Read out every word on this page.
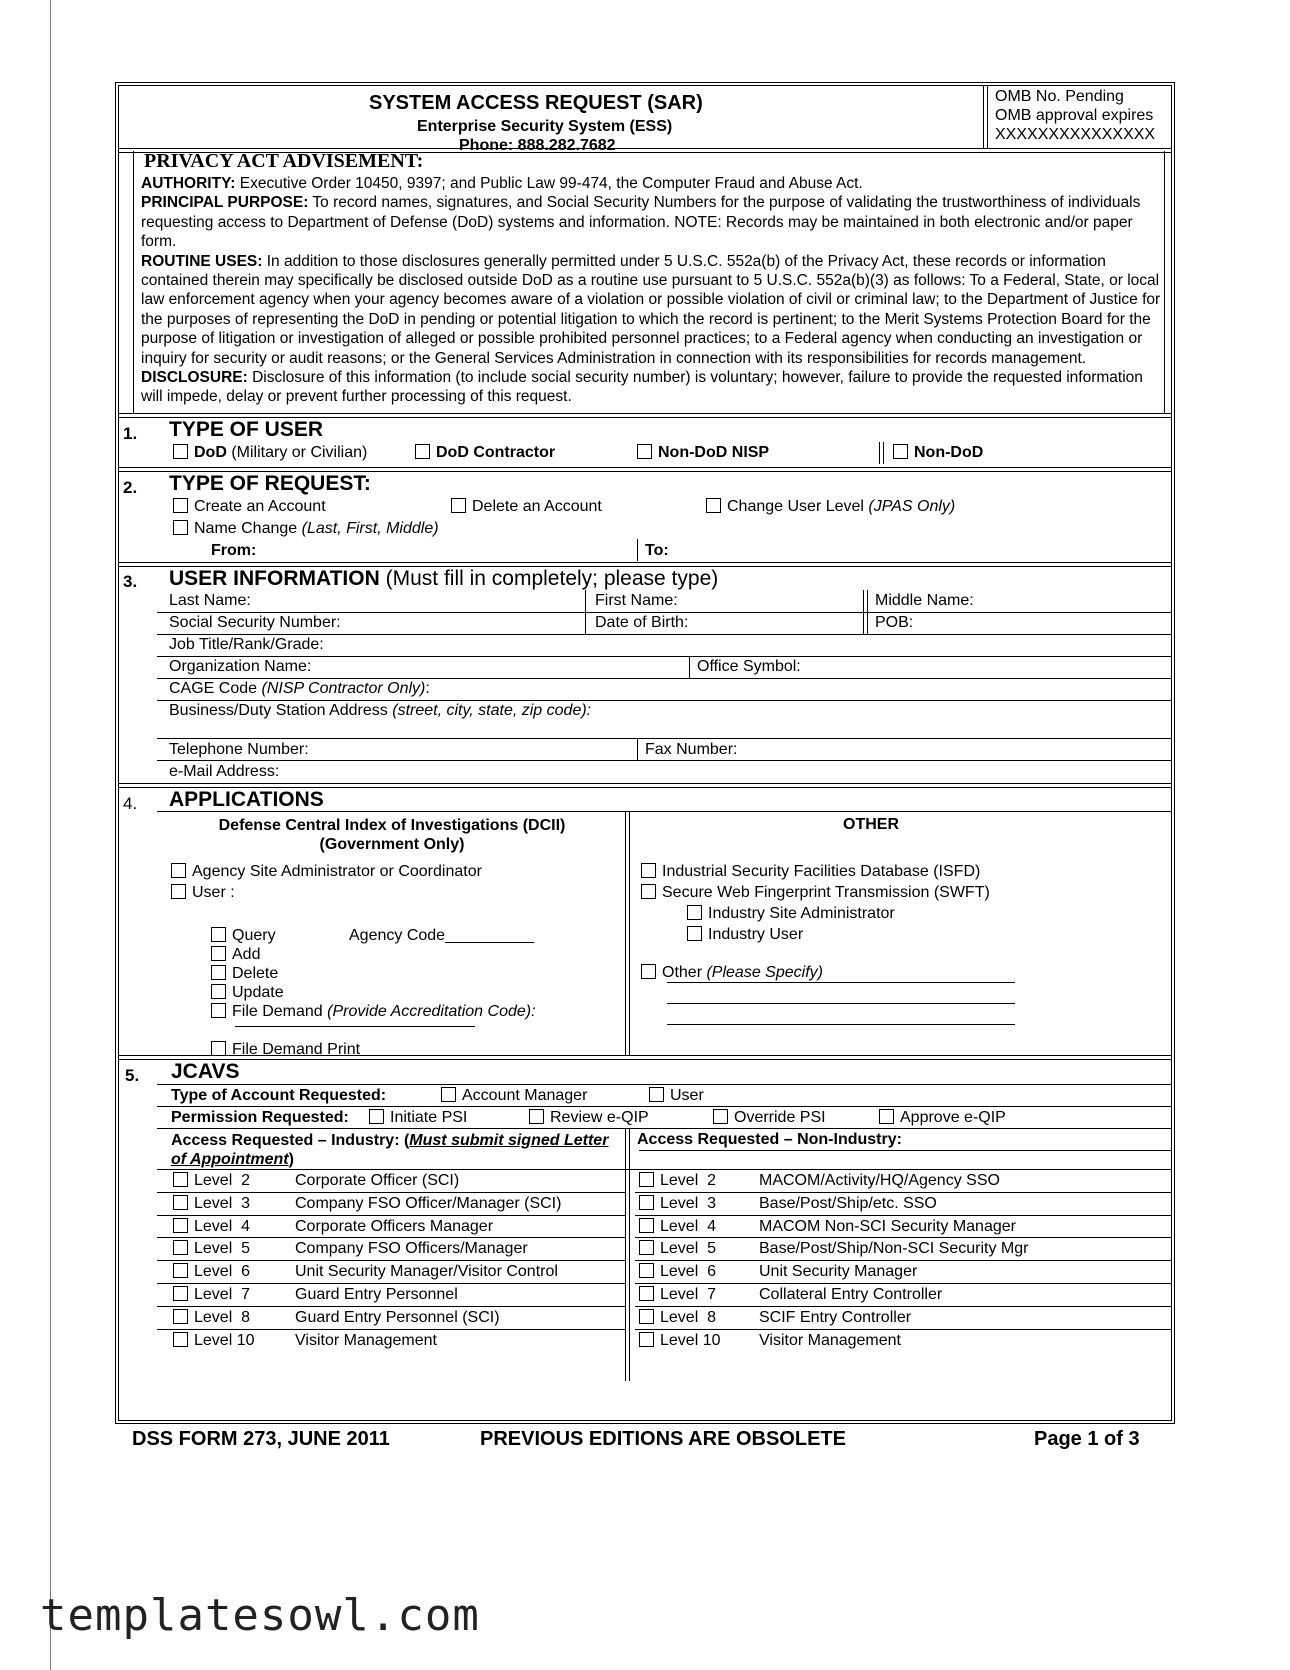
SYSTEM ACCESS REQUEST (SAR)
Enterprise Security System (ESS)
Phone: 888.282.7682
OMB No. Pending
OMB approval expires
XXXXXXXXXXXXXXX
PRIVACY ACT ADVISEMENT:

AUTHORITY: Executive Order 10450, 9397; and Public Law 99-474, the Computer Fraud and Abuse Act.

PRINCIPAL PURPOSE: To record names, signatures, and Social Security Numbers for the purpose of validating the trustworthiness of individuals requesting access to Department of Defense (DoD) systems and information. NOTE: Records may be maintained in both electronic and/or paper form.

ROUTINE USES: In addition to those disclosures generally permitted under 5 U.S.C. 552a(b) of the Privacy Act, these records or information contained therein may specifically be disclosed outside DoD as a routine use pursuant to 5 U.S.C. 552a(b)(3) as follows: To a Federal, State, or local law enforcement agency when your agency becomes aware of a violation or possible violation of civil or criminal law; to the Department of Justice for the purposes of representing the DoD in pending or potential litigation to which the record is pertinent; to the Merit Systems Protection Board for the purpose of litigation or investigation of alleged or possible prohibited personnel practices; to a Federal agency when conducting an investigation or inquiry for security or audit reasons; or the General Services Administration in connection with its responsibilities for records management.

DISCLOSURE: Disclosure of this information (to include social security number) is voluntary; however, failure to provide the requested information will impede, delay or prevent further processing of this request.

1. TYPE OF USER
DoD (Military or Civilian)	DoD Contractor	Non-DoD NISP	Non-DoD
2. TYPE OF REQUEST:
Create an Account	Delete an Account	Change User Level (JPAS Only)
Name Change (Last, First, Middle)
From:	To:
3. USER INFORMATION (Must fill in completely; please type)
Last Name:	First Name:	Middle Name:
Social Security Number:	Date of Birth:	POB:
Job Title/Rank/Grade:
Organization Name:	Office Symbol:
CAGE Code (NISP Contractor Only):
Business/Duty Station Address (street, city, state, zip code):
Telephone Number:	Fax Number:
e-Mail Address:
4. APPLICATIONS
Defense Central Index of Investigations (DCII)
(Government Only)
OTHER
Agency Site Administrator or Coordinator
User :
Query	Agency Code__________
Add
Delete
Update
File Demand (Provide Accreditation Code):
File Demand Print
Industrial Security Facilities Database (ISFD)
Secure Web Fingerprint Transmission (SWFT)
Industry Site Administrator
Industry User
Other (Please Specify)
5. JCAVS
Type of Account Requested:	Account Manager	User
Permission Requested:	Initiate PSI	Review e-QIP	Override PSI	Approve e-QIP
Access Requested – Industry: (Must submit signed Letter of Appointment)
Access Requested – Non-Industry:
Level  2	Corporate Officer (SCI)
Level  3	Company FSO Officer/Manager (SCI)
Level  4	Corporate Officers Manager
Level  5	Company FSO Officers/Manager
Level  6	Unit Security Manager/Visitor Control
Level  7	Guard Entry Personnel
Level  8	Guard Entry Personnel (SCI)
Level 10	Visitor Management
Level  2	MACOM/Activity/HQ/Agency SSO
Level  3	Base/Post/Ship/etc. SSO
Level  4	MACOM Non-SCI Security Manager
Level  5	Base/Post/Ship/Non-SCI Security Mgr
Level  6	Unit Security Manager
Level  7	Collateral Entry Controller
Level  8	SCIF Entry Controller
Level 10 Visitor Management
DSS FORM 273, JUNE 2011	PREVIOUS EDITIONS ARE OBSOLETE	Page 1 of 3
templatesowl.com
